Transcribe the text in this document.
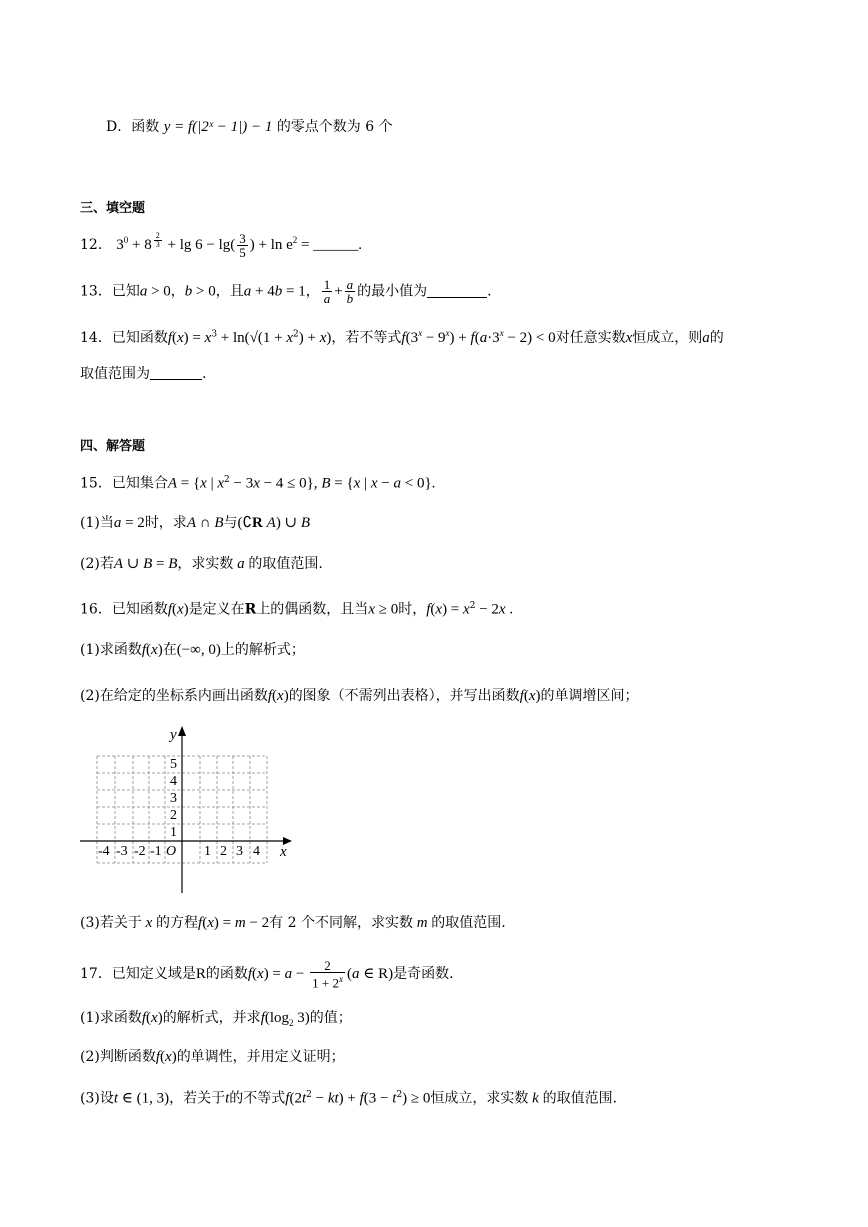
D．函数 y = f(|2ˣ − 1|) − 1 的零点个数为 6 个
三、填空题
12． $3^0 + 8$ $^{\frac{2}{3}} + \lg 6 - \lg( \frac{3}{5}$ ) + $\ln e^2$ = ______.
13．已知a > 0，b > 0，且a + 4b = 1， $\frac{1}{a} + \frac{a}{b}$ 的最小值为	.
14．已知函数$f(x) = x^3 + \ln(√(1 + x^2) + x)$，若不等式$f(3^x - 9^x) + f(a\cdot 3^x - 2) < 0$对任意实数x恒成立，则a的
取值范围为	.
四、解答题
15．已知集合A = {x | $x^2 - 3x - 4 \le 0$}, B = {x | x − a < 0}.
(1)当a = 2时，求A ∩ B与(∁R A) ∪ B
(2)若A ∪ B = B，求实数 a 的取值范围.
16．已知函数f(x)是定义在R上的偶函数，且当x ≥ 0时，$f(x) = x^2 - 2x$ .
(1)求函数f(x)在(−∞, 0)上的解析式；
(2)在给定的坐标系内画出函数f(x)的图象（不需列出表格），并写出函数f(x)的单调增区间；
y
x
O
-4 -3 -2 -1	1 2 3 4
1
2
3
4
5
(3)若关于 x 的方程f(x) = m − 2有 2 个不同解，求实数 m 的取值范围.
17．已知定义域是R的函数$f(x) = a - \frac{2}{1 + 2^x} (a$ ∈ R)是奇函数.
(1)求函数f(x)的解析式，并求$f(\log_2$ 3)的值；
(2)判断函数f(x)的单调性，并用定义证明；
(3)设t ∈ (1, 3)，若关于t的不等式$f(2t^2 - kt) + f(3 - t^2) \ge 0$恒成立，求实数 k 的取值范围.
